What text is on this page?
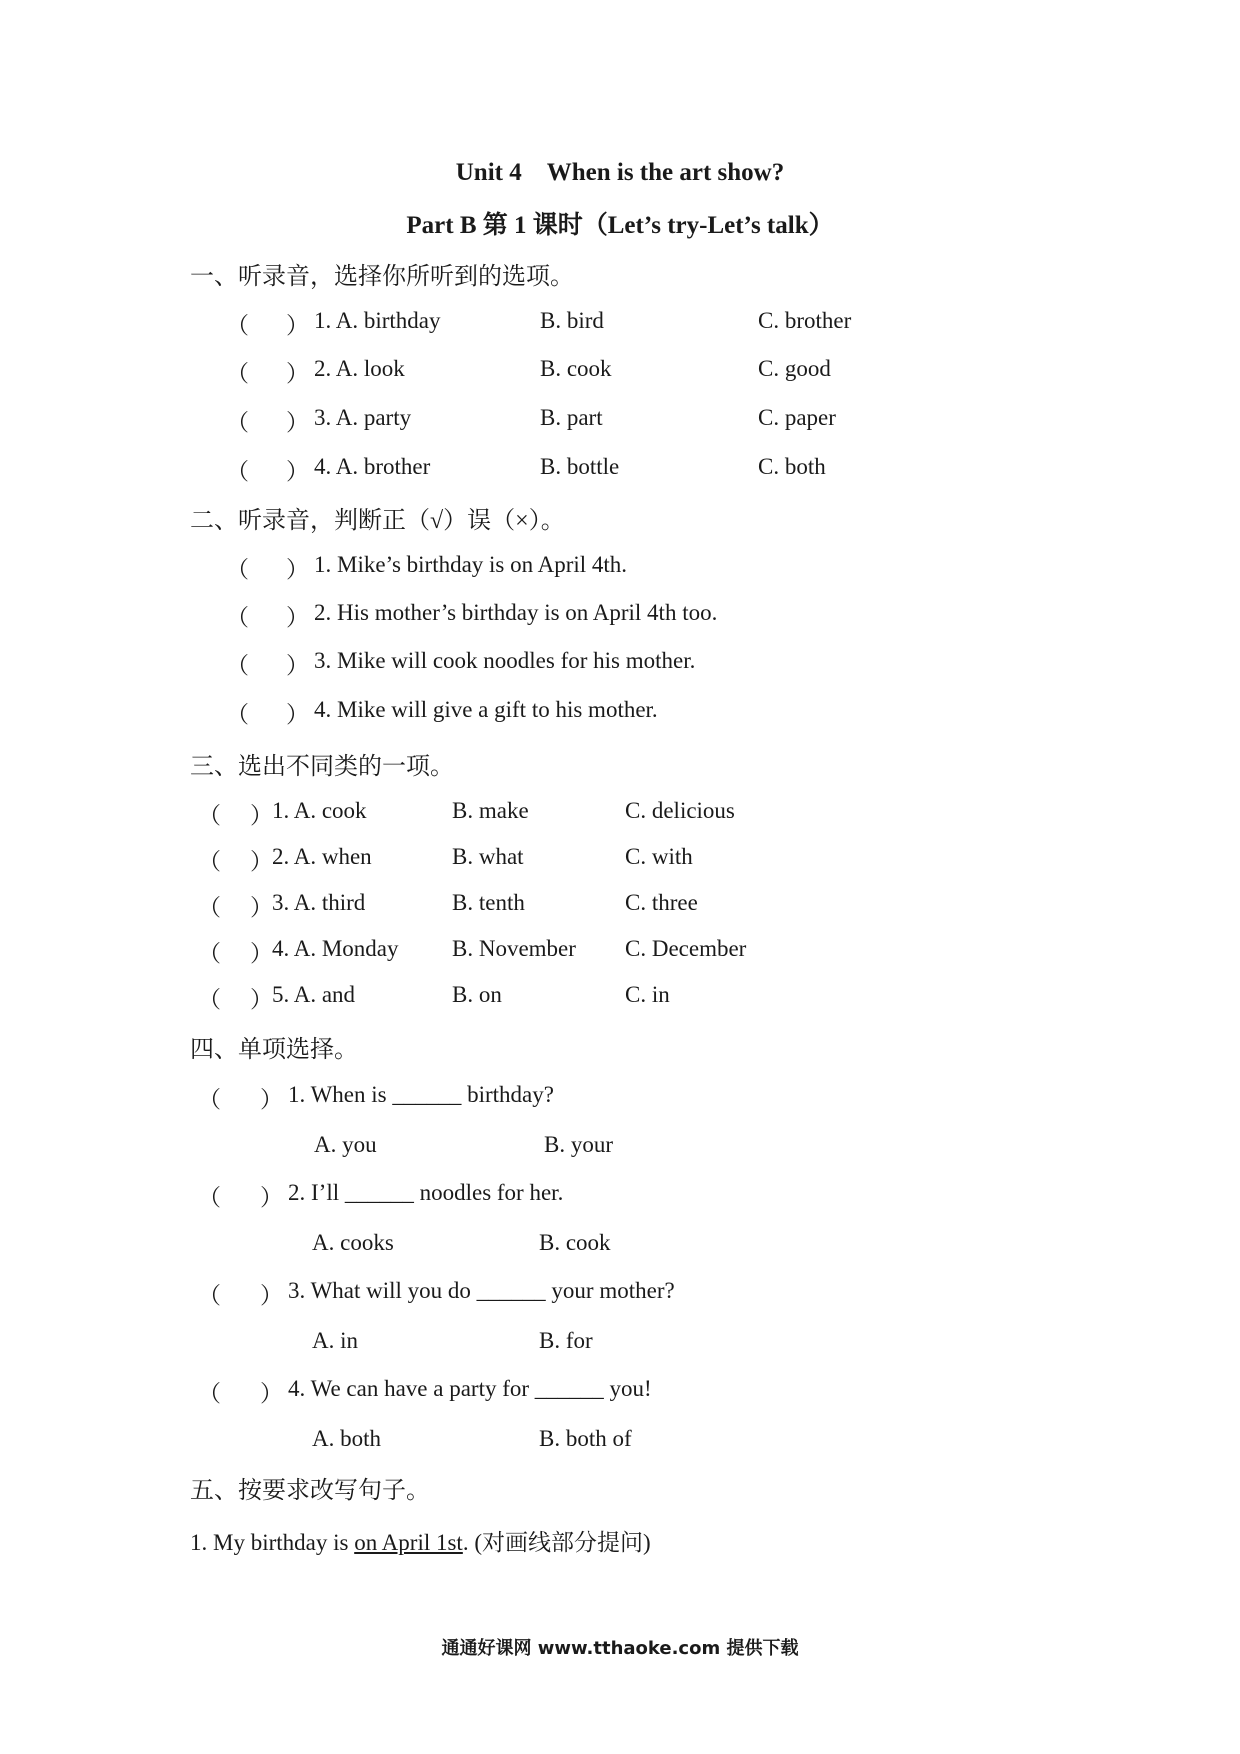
Unit 4　When is the art show?
Part B 第 1 课时（Let’s try-Let’s talk）
一、听录音，选择你所听到的选项。
（ ） 1. A. birthday	B. bird	C. brother
（ ） 2. A. look	B. cook	C. good
（ ） 3. A. party	B. part	C. paper
（ ） 4. A. brother	B. bottle	C. both
二、听录音，判断正（√）误（×）。
（ ） 1. Mike’s birthday is on April 4th.
（ ） 2. His mother’s birthday is on April 4th too.
（ ） 3. Mike will cook noodles for his mother.
（ ） 4. Mike will give a gift to his mother.
三、选出不同类的一项。
（ ） 1. A. cook	B. make	C. delicious
（ ） 2. A. when	B. what	C. with
（ ） 3. A. third	B. tenth	C. three
（ ） 4. A. Monday B. November C. December
（ ） 5. A. and	B. on	C. in
四、单项选择。
（ ） 1. When is ______ birthday?
A. you	B. your
（ ） 2. I’ll ______ noodles for her.
A. cooks	B. cook
（ ） 3. What will you do ______ your mother?
A. in	B. for
（ ） 4. We can have a party for ______ you!
A. both	B. both of
五、按要求改写句子。
1. My birthday is on April 1st. (对画线部分提问)
通通好课网 www.tthaoke.com 提供下载
